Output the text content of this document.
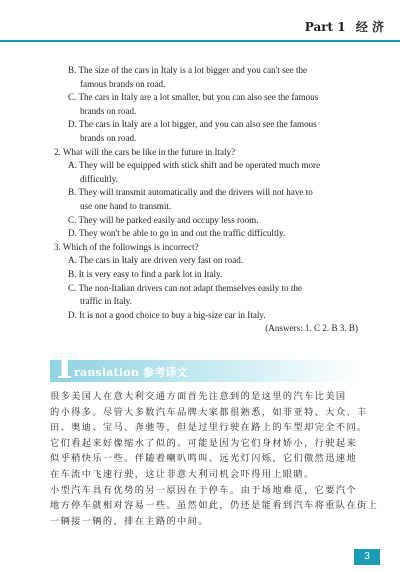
Part 1 经 济
B. The size of the cars in Italy is a lot bigger and you can't see the
famous brands on road.
C. The cars in Italy are a lot smaller, but you can also see the famous
brands on road.
D. The cars in Italy are a lot bigger, and you can also see the famous
brands on road.
2. What will the cars be like in the future in Italy?
A. They will be equipped with stick shift and be operated much more
difficultly.
B. They will transmit automatically and the drivers will not have to
use one hand to transmit.
C. They will be parked easily and occupy less room.
D. They won't be able to go in and out the traffic difficultly.
3. Which of the followings is incorrect?
A. The cars in Italy are driven very fast on road.
B. It is very easy to find a park lot in Italy.
C. The non-Italian drivers can not adapt themselves easily to the
traffic in Italy.
D. It is not a good choice to buy a big-size car in Italy.
(Answers: 1. C 2. B 3. B)
T
ranslation 参考译文
很多美国人在意大利交通方面首先注意到的是这里的汽车比美国
的小得多。尽管大多数汽车品牌大家都很熟悉，如菲亚特、大众、丰
田、奥迪、宝马、奔驰等，但是过里行驶在路上的车型却完全不同。
它们看起来好像缩水了似的。可能是因为它们身材娇小，行驶起来
似乎稍快乐一些。伴随着喇叭鸣叫、远光灯闪烁，它们傲然迅速地
在车流中飞速行驶，这让非意大利司机会吓得用上眼睛。
小型汽车具有优势的另一原因在于停车。由于场地难觅，它要汽个
地方停车就相对容易一些。虽然如此，仍还是能看到汽车将重队在街上
一辆接一辆的，排在主路的中间。
3
